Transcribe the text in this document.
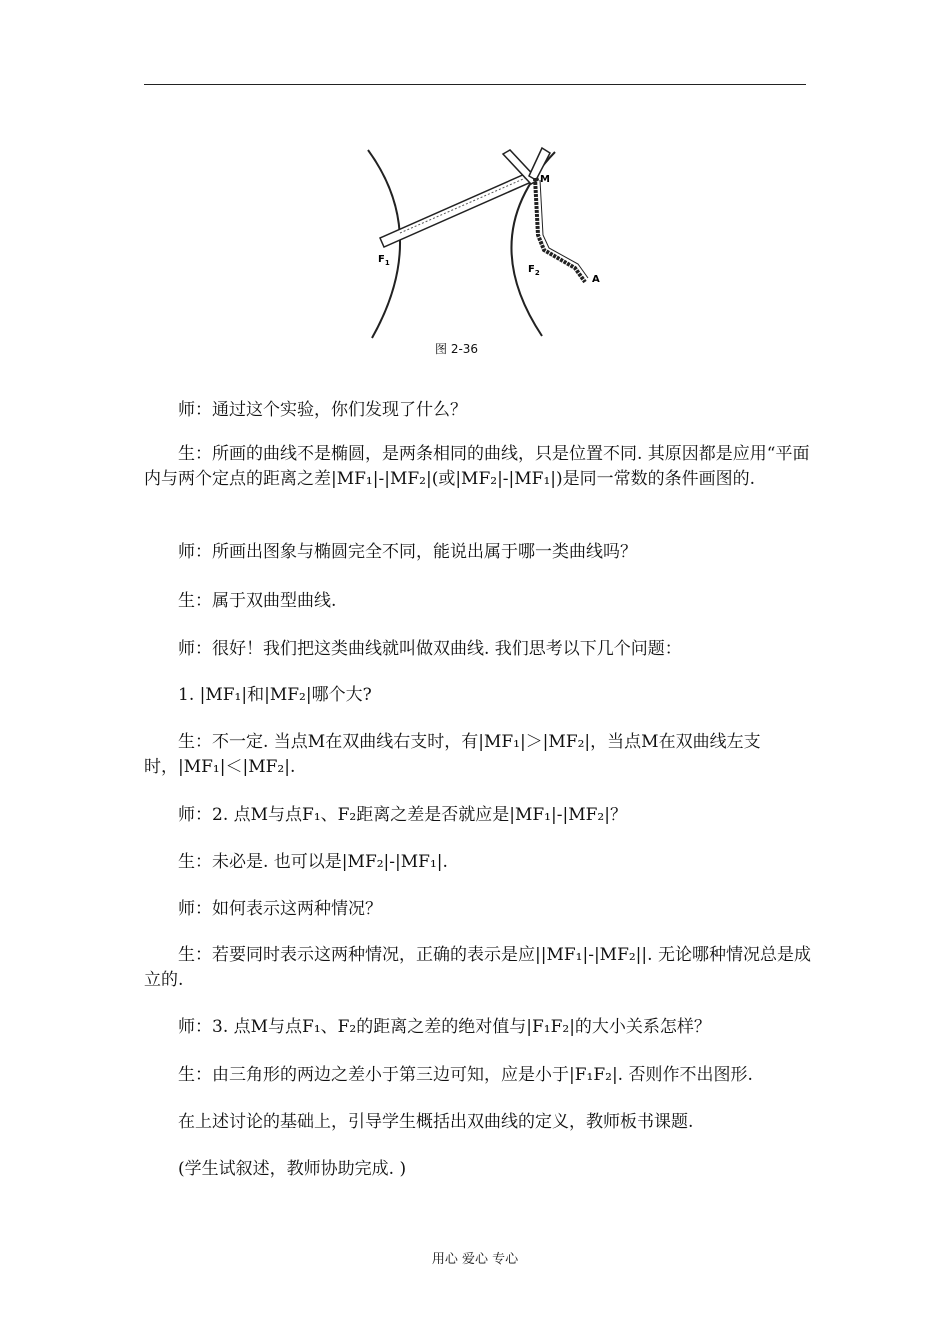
$F_1$
$F_2$
M
A
图 2-36
　　师：通过这个实验，你们发现了什么？
　　生：所画的曲线不是椭圆，是两条相同的曲线，只是位置不同. 其原因都是应用“平面内与两个定点的距离之差|MF₁|-|MF₂|(或|MF₂|-|MF₁|)是同一常数的条件画图的.
　　师：所画出图象与椭圆完全不同，能说出属于哪一类曲线吗？
　　生：属于双曲型曲线.
　　师：很好！我们把这类曲线就叫做双曲线. 我们思考以下几个问题：
　　1. |MF₁|和|MF₂|哪个大?
　　生：不一定. 当点M在双曲线右支时，有|MF₁|＞|MF₂|，当点M在双曲线左支时，|MF₁|＜|MF₂|.
　　师：2. 点M与点F₁、F₂距离之差是否就应是|MF₁|-|MF₂|？
　　生：未必是. 也可以是|MF₂|-|MF₁|.
　　师：如何表示这两种情况？
　　生：若要同时表示这两种情况，正确的表示是应||MF₁|-|MF₂||. 无论哪种情况总是成立的.
　　师：3. 点M与点F₁、F₂的距离之差的绝对值与|F₁F₂|的大小关系怎样？
　　生：由三角形的两边之差小于第三边可知，应是小于|F₁F₂|. 否则作不出图形.
　　在上述讨论的基础上，引导学生概括出双曲线的定义，教师板书课题.
　　(学生试叙述，教师协助完成. )
用心 爱心 专心
